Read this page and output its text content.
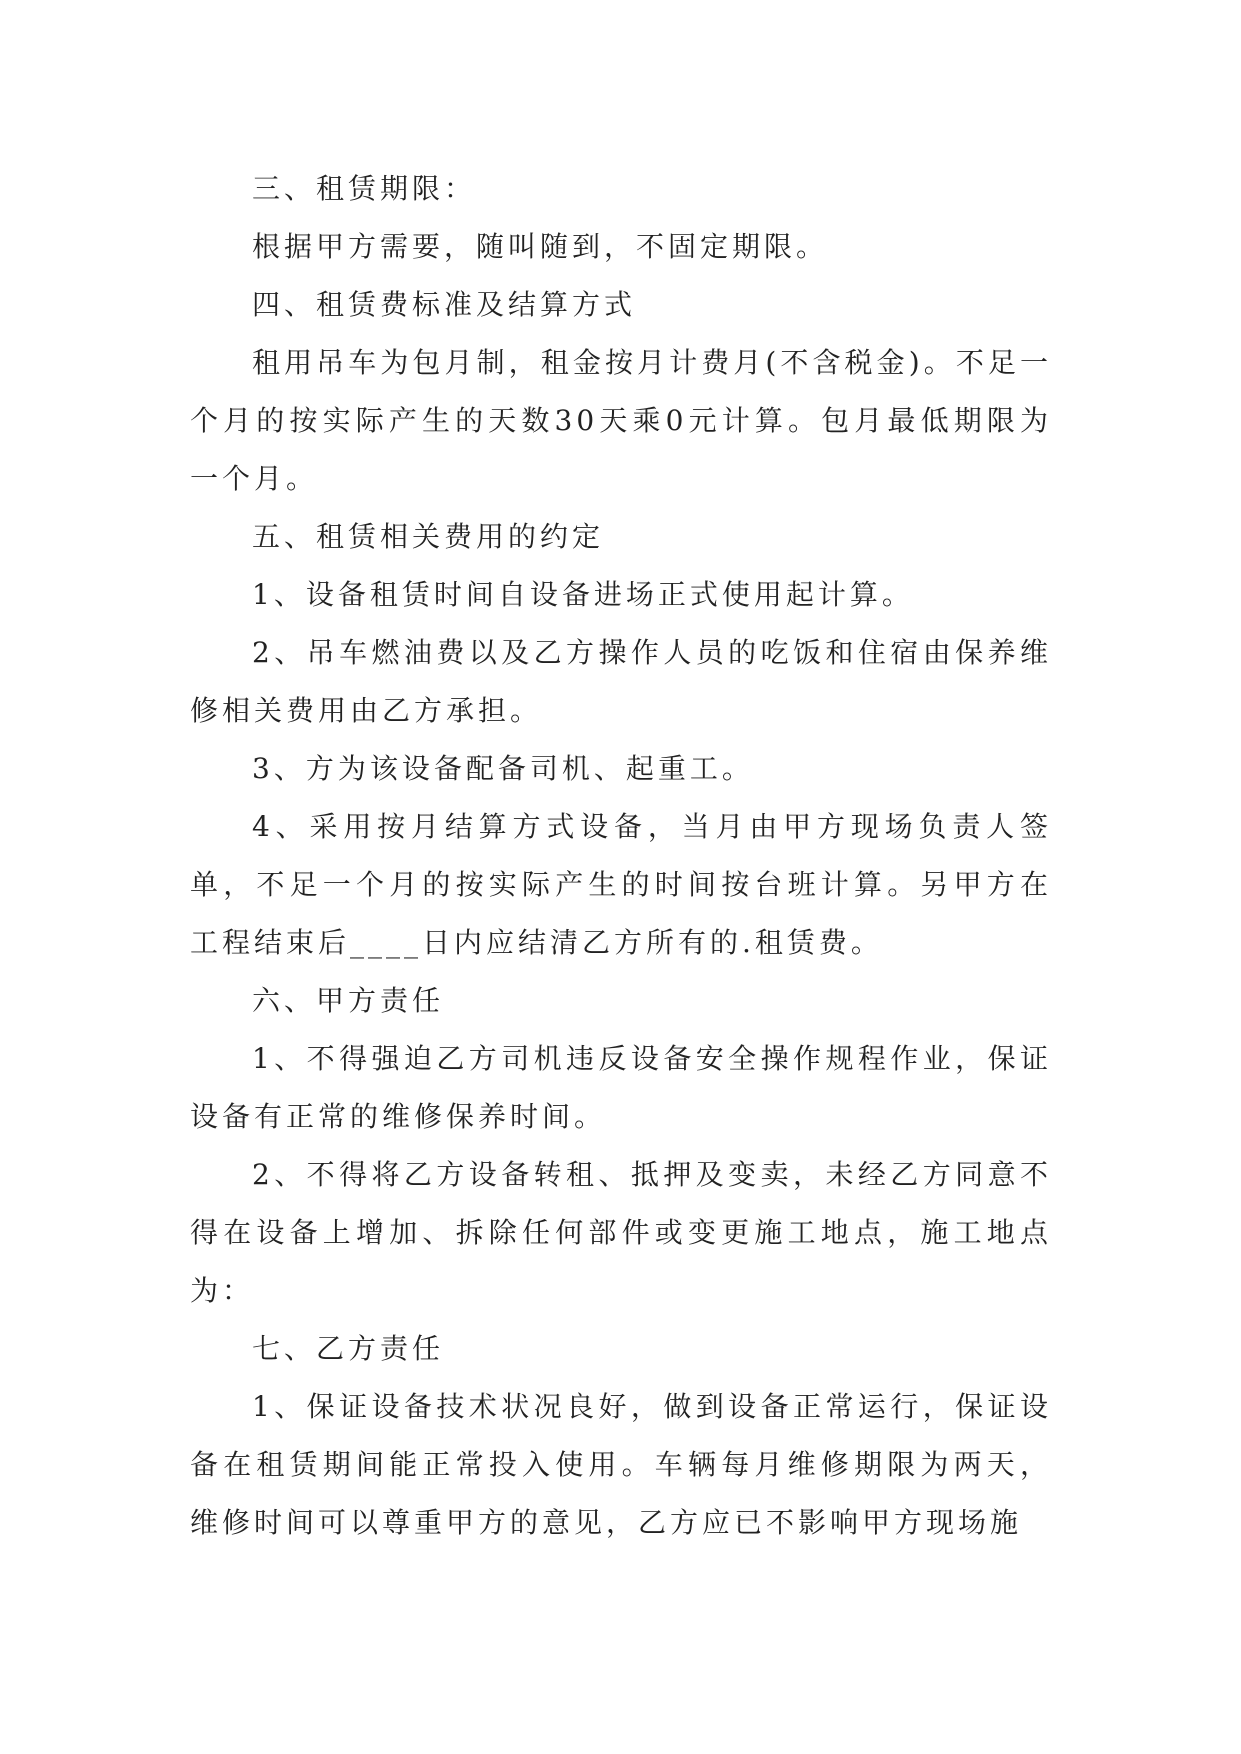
三、租赁期限：

根据甲方需要，随叫随到，不固定期限。

四、租赁费标准及结算方式

租用吊车为包月制，租金按月计费月(不含税金)。不足一个月的按实际产生的天数30天乘0元计算。包月最低期限为一个月。

五、租赁相关费用的约定

1、设备租赁时间自设备进场正式使用起计算。

2、吊车燃油费以及乙方操作人员的吃饭和住宿由保养维修相关费用由乙方承担。

3、方为该设备配备司机、起重工。

4、采用按月结算方式设备，当月由甲方现场负责人签单，不足一个月的按实际产生的时间按台班计算。另甲方在工程结束后____日内应结清乙方所有的.租赁费。

六、甲方责任

1、不得强迫乙方司机违反设备安全操作规程作业，保证设备有正常的维修保养时间。

2、不得将乙方设备转租、抵押及变卖，未经乙方同意不得在设备上增加、拆除任何部件或变更施工地点，施工地点为：

七、乙方责任

1、保证设备技术状况良好，做到设备正常运行，保证设备在租赁期间能正常投入使用。车辆每月维修期限为两天，维修时间可以尊重甲方的意见，乙方应已不影响甲方现场施
